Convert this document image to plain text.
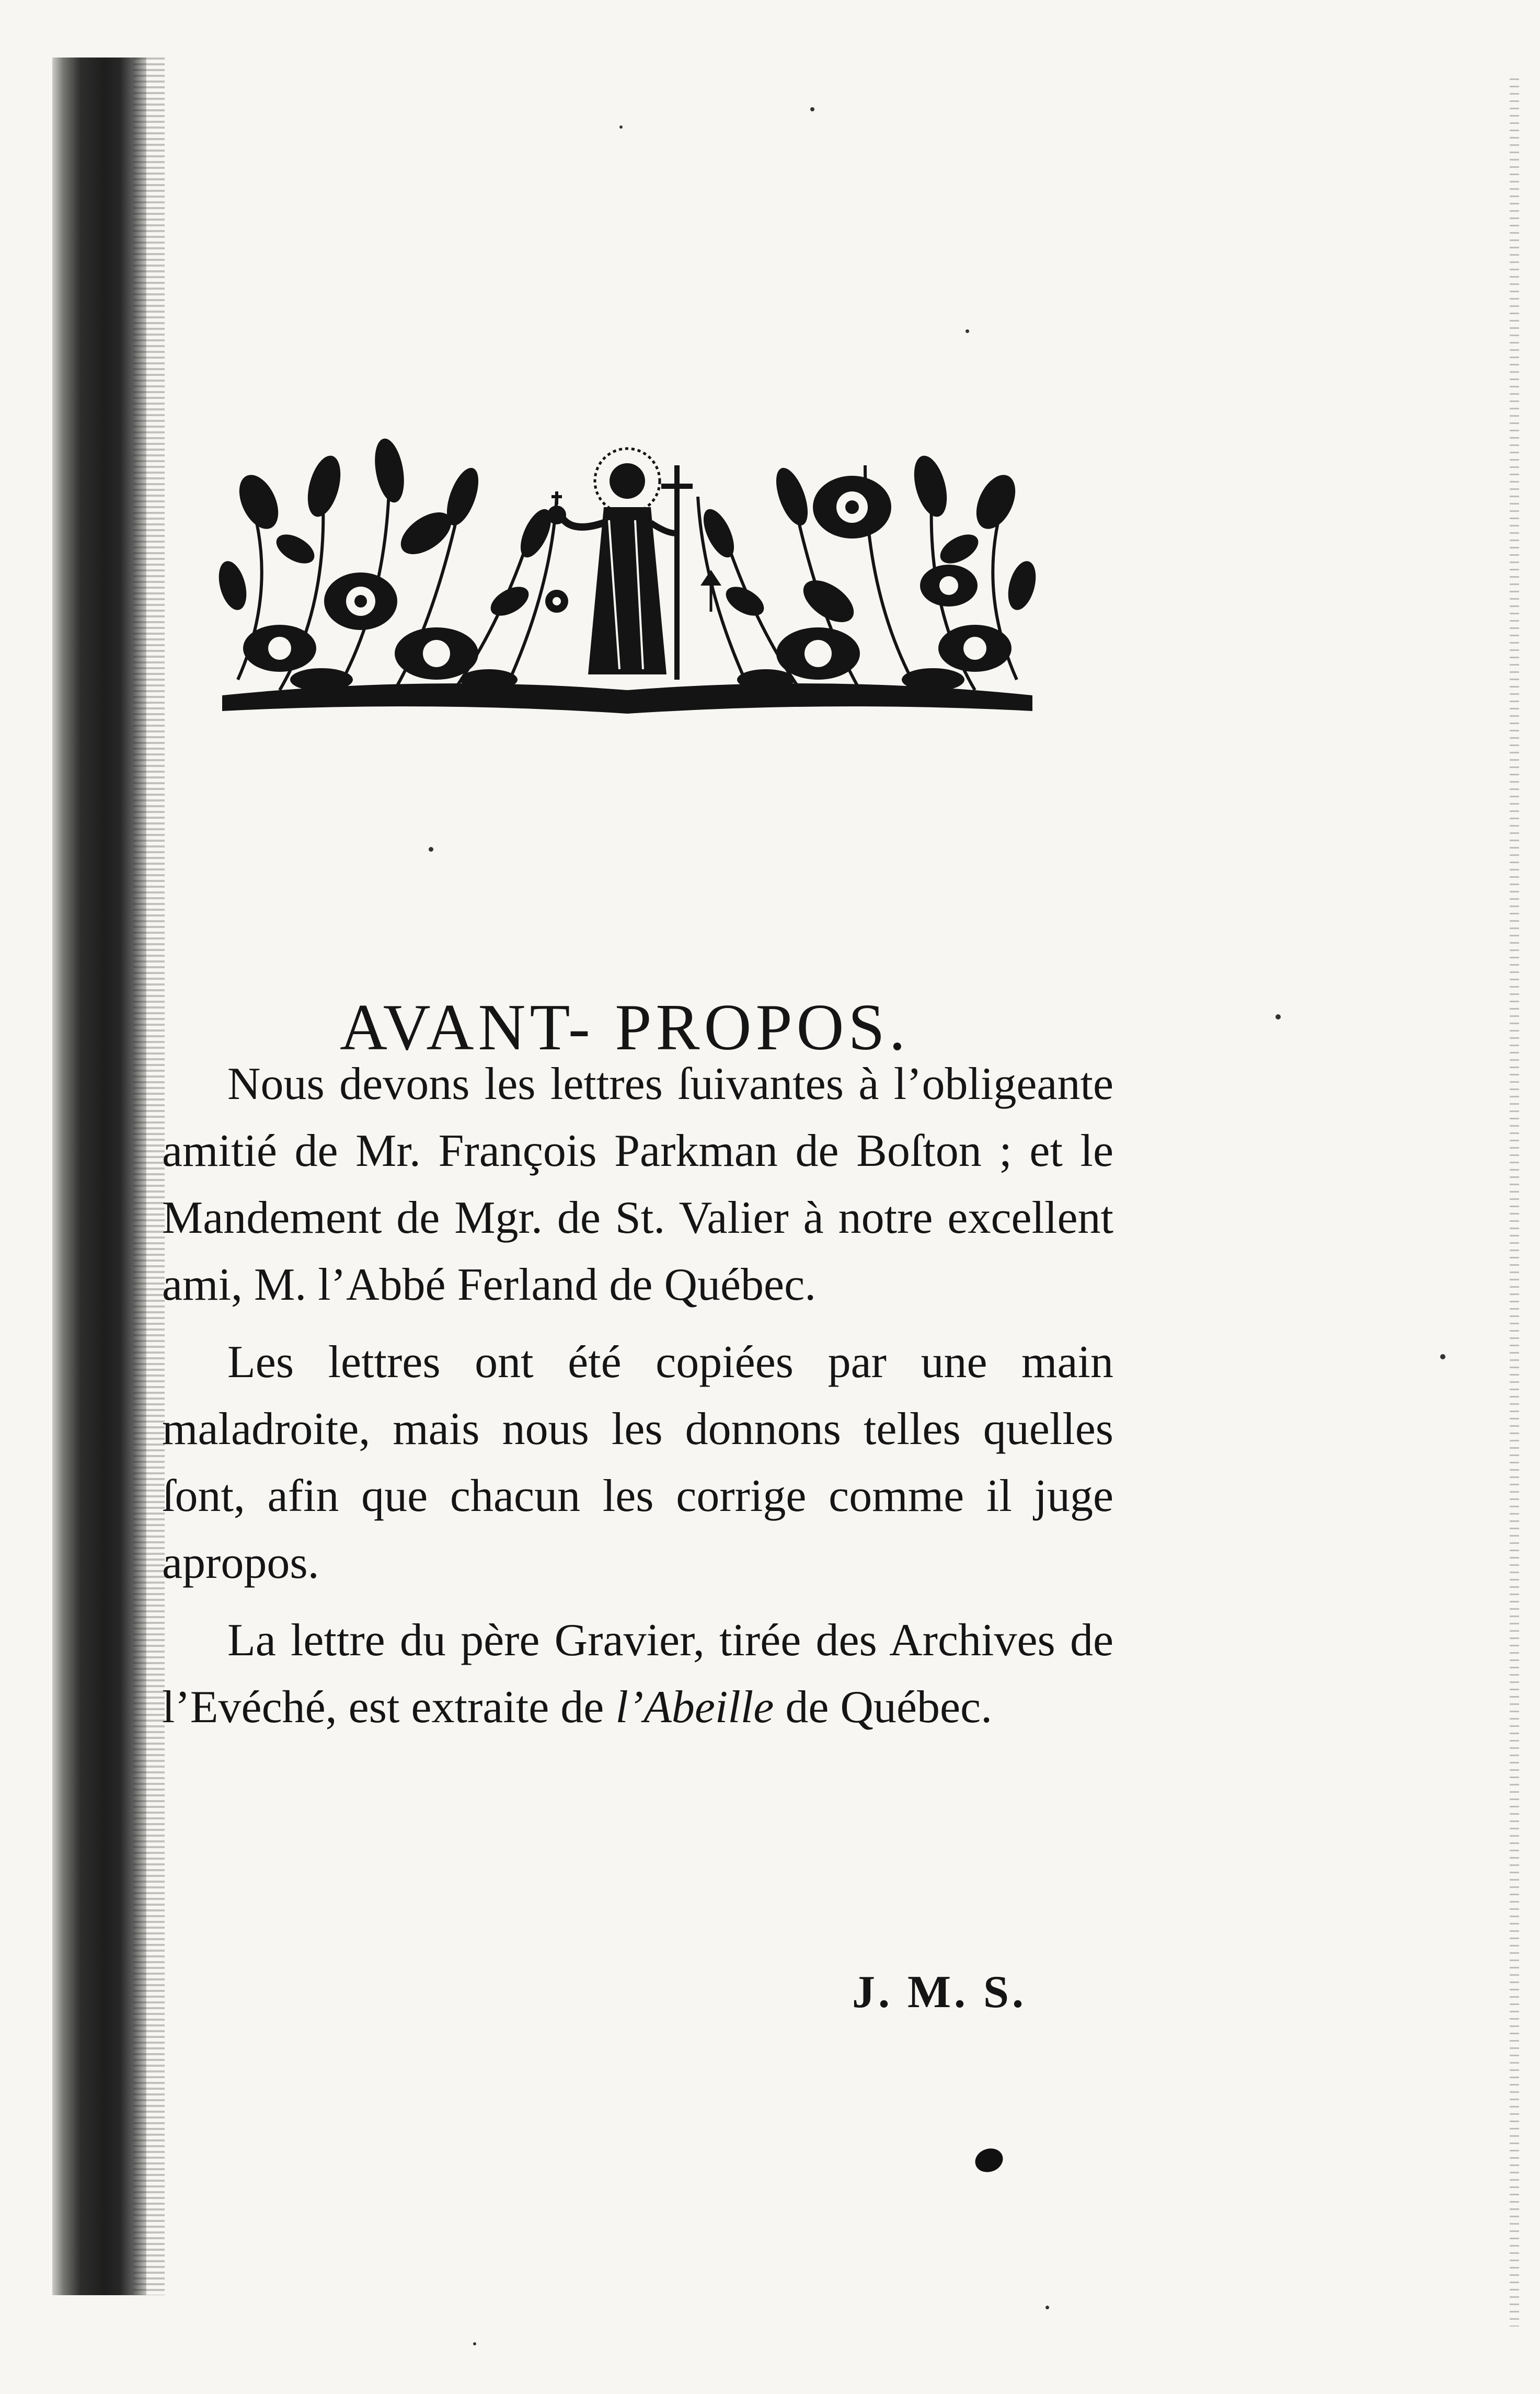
AVANT- PROPOS.

Nous devons les lettres ſuivantes à l’obligeante amitié de Mr. François Parkman de Boſton ; et le Mandement de Mgr. de St. Valier à notre excellent ami, M. l’Abbé Ferland de Québec.

Les lettres ont été copiées par une main maladroite, mais nous les donnons telles quelles ſont, afin que chacun les corrige comme il juge apropos.

La lettre du père Gravier, tirée des Archives de l’Evéché, est extraite de l’Abeille de Québec.

J. M. S.
